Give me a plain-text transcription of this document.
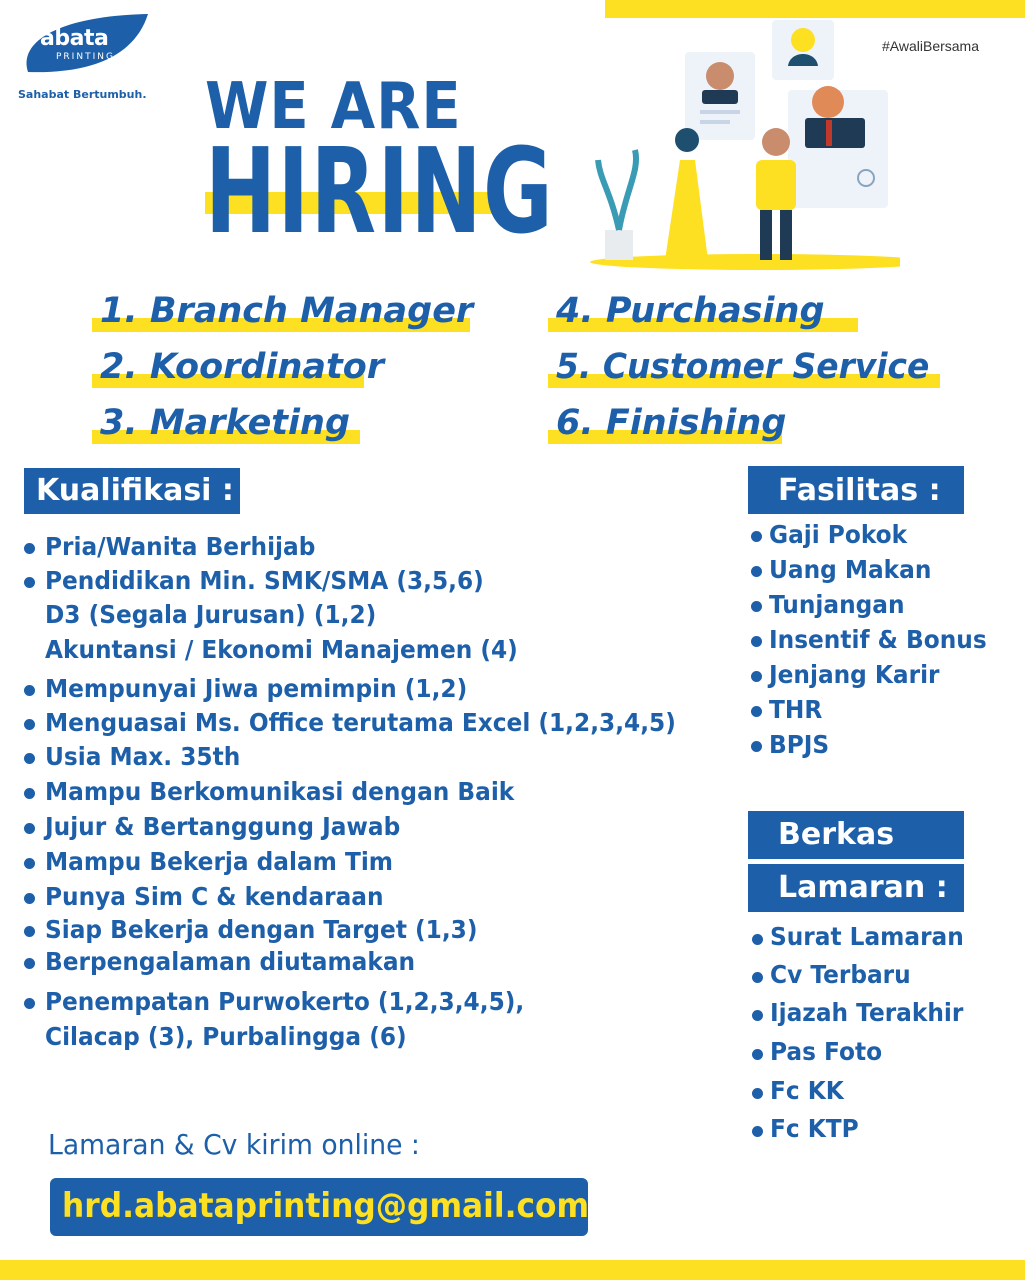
abata
PRINTING
Sahabat Bertumbuh.
#AwaliBersama
WE ARE
HIRING
1. Branch Manager
2. Koordinator
3. Marketing
4. Purchasing
5. Customer Service
6. Finishing
Kualifikasi :
Pria/Wanita Berhijab
Pendidikan Min. SMK/SMA (3,5,6)
D3 (Segala Jurusan) (1,2)
Akuntansi / Ekonomi Manajemen (4)
Mempunyai Jiwa pemimpin (1,2)
Menguasai Ms. Office terutama Excel (1,2,3,4,5)
Usia Max. 35th
Mampu Berkomunikasi dengan Baik
Jujur & Bertanggung Jawab
Mampu Bekerja dalam Tim
Punya Sim C & kendaraan
Siap Bekerja dengan Target (1,3)
Berpengalaman diutamakan
Penempatan Purwokerto (1,2,3,4,5),
Cilacap (3), Purbalingga (6)
Fasilitas :
Gaji Pokok
Uang Makan
Tunjangan
Insentif & Bonus
Jenjang Karir
THR
BPJS
Berkas
Lamaran :
Surat Lamaran
Cv Terbaru
Ijazah Terakhir
Pas Foto
Fc KK
Fc KTP
Lamaran & Cv kirim online :
hrd.abataprinting@gmail.com
